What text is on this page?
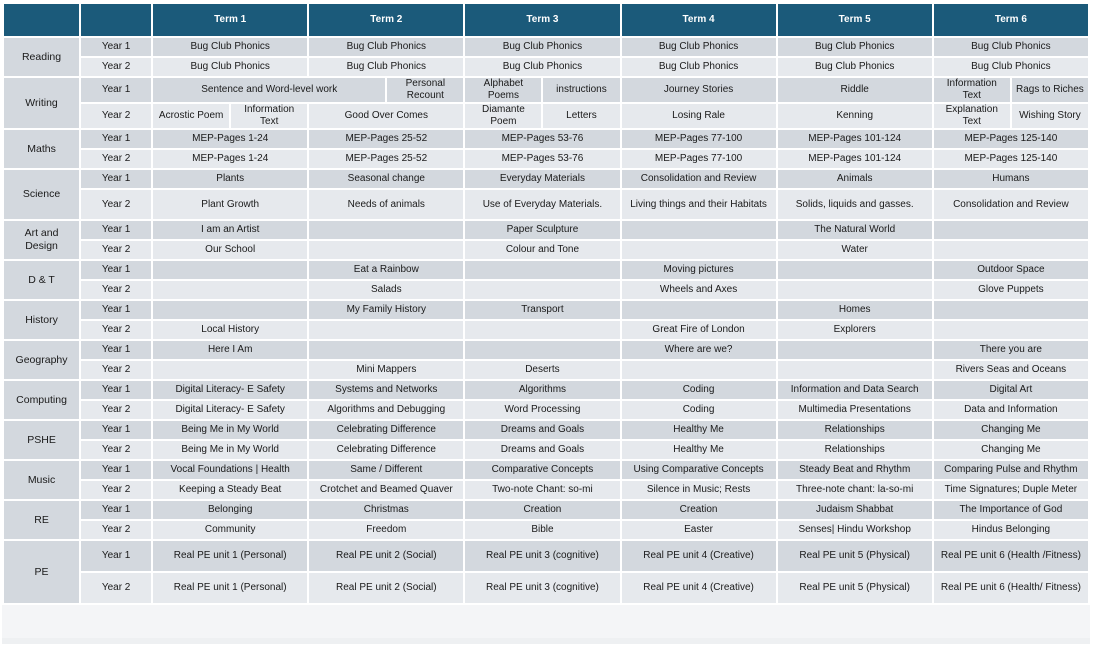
		Term 1		Term 2		Term 3		Term 4	Term 5	Term 6	
Reading	Year 1	Bug Club Phonics		Bug Club Phonics		Bug Club Phonics		Bug Club Phonics	Bug Club Phonics	Bug Club Phonics	
	Year 2	Bug Club Phonics		Bug Club Phonics		Bug Club Phonics		Bug Club Phonics	Bug Club Phonics	Bug Club Phonics	
Writing	Year 1	Sentence and Word-level work			Personal Recount	Alphabet Poems	instructions	Journey Stories	Riddle	Information Text	Rags to Riches
	Year 2	Acrostic Poem	Information Text	Good Over Comes		Diamante Poem	Letters	Losing Rale	Kenning	Explanation Text	Wishing Story
Maths	Year 1	MEP-Pages 1-24		MEP-Pages 25-52		MEP-Pages 53-76		MEP-Pages 77-100	MEP-Pages 101-124	MEP-Pages 125-140	
	Year 2	MEP-Pages 1-24		MEP-Pages 25-52		MEP-Pages 53-76		MEP-Pages 77-100	MEP-Pages 101-124	MEP-Pages 125-140	
Science	Year 1	Plants		Seasonal change		Everyday Materials		Consolidation and Review	Animals	Humans	
	Year 2	Plant Growth		Needs of animals		Use of Everyday Materials.		Living things and their Habitats	Solids, liquids and gasses.	Consolidation and Review	
Art and Design	Year 1	I am an Artist				Paper Sculpture			The Natural World		
	Year 2	Our School				Colour and Tone			Water		
D & T	Year 1			Eat a Rainbow				Moving pictures		Outdoor Space	
	Year 2			Salads				Wheels and Axes		Glove Puppets	
History	Year 1			My Family History		Transport			Homes		
	Year 2	Local History						Great Fire of London	Explorers		
Geography	Year 1	Here I Am						Where are we?		There you are	
	Year 2			Mini Mappers		Deserts				Rivers Seas and Oceans	
Computing	Year 1	Digital Literacy- E Safety		Systems and Networks		Algorithms		Coding	Information and Data Search	Digital Art	
	Year 2	Digital Literacy- E Safety		Algorithms and Debugging		Word Processing		Coding	Multimedia Presentations	Data and Information	
PSHE	Year 1	Being Me in My World		Celebrating Difference		Dreams and Goals		Healthy Me	Relationships	Changing Me	
	Year 2	Being Me in My World		Celebrating Difference		Dreams and Goals		Healthy Me	Relationships	Changing Me	
Music	Year 1	Vocal Foundations | Health		Same / Different		Comparative Concepts		Using Comparative Concepts	Steady Beat and Rhythm	Comparing Pulse and Rhythm	
	Year 2	Keeping a Steady Beat		Crotchet and Beamed Quaver		Two-note Chant: so-mi		Silence in Music; Rests	Three-note chant: la-so-mi	Time Signatures; Duple Meter	
RE	Year 1	Belonging		Christmas		Creation		Creation	Judaism Shabbat	The Importance of God	
	Year 2	Community		Freedom		Bible		Easter	Senses| Hindu Workshop	Hindus Belonging	
PE	Year 1	Real PE unit 1 (Personal)		Real PE unit 2 (Social)		Real PE unit 3 (cognitive)		Real PE unit 4 (Creative)	Real PE unit 5 (Physical)	Real PE unit 6 (Health /Fitness)	
	Year 2	Real PE unit 1 (Personal)		Real PE unit 2 (Social)		Real PE unit 3 (cognitive)		Real PE unit 4 (Creative)	Real PE unit 5 (Physical)	Real PE unit 6 (Health/ Fitness)	
